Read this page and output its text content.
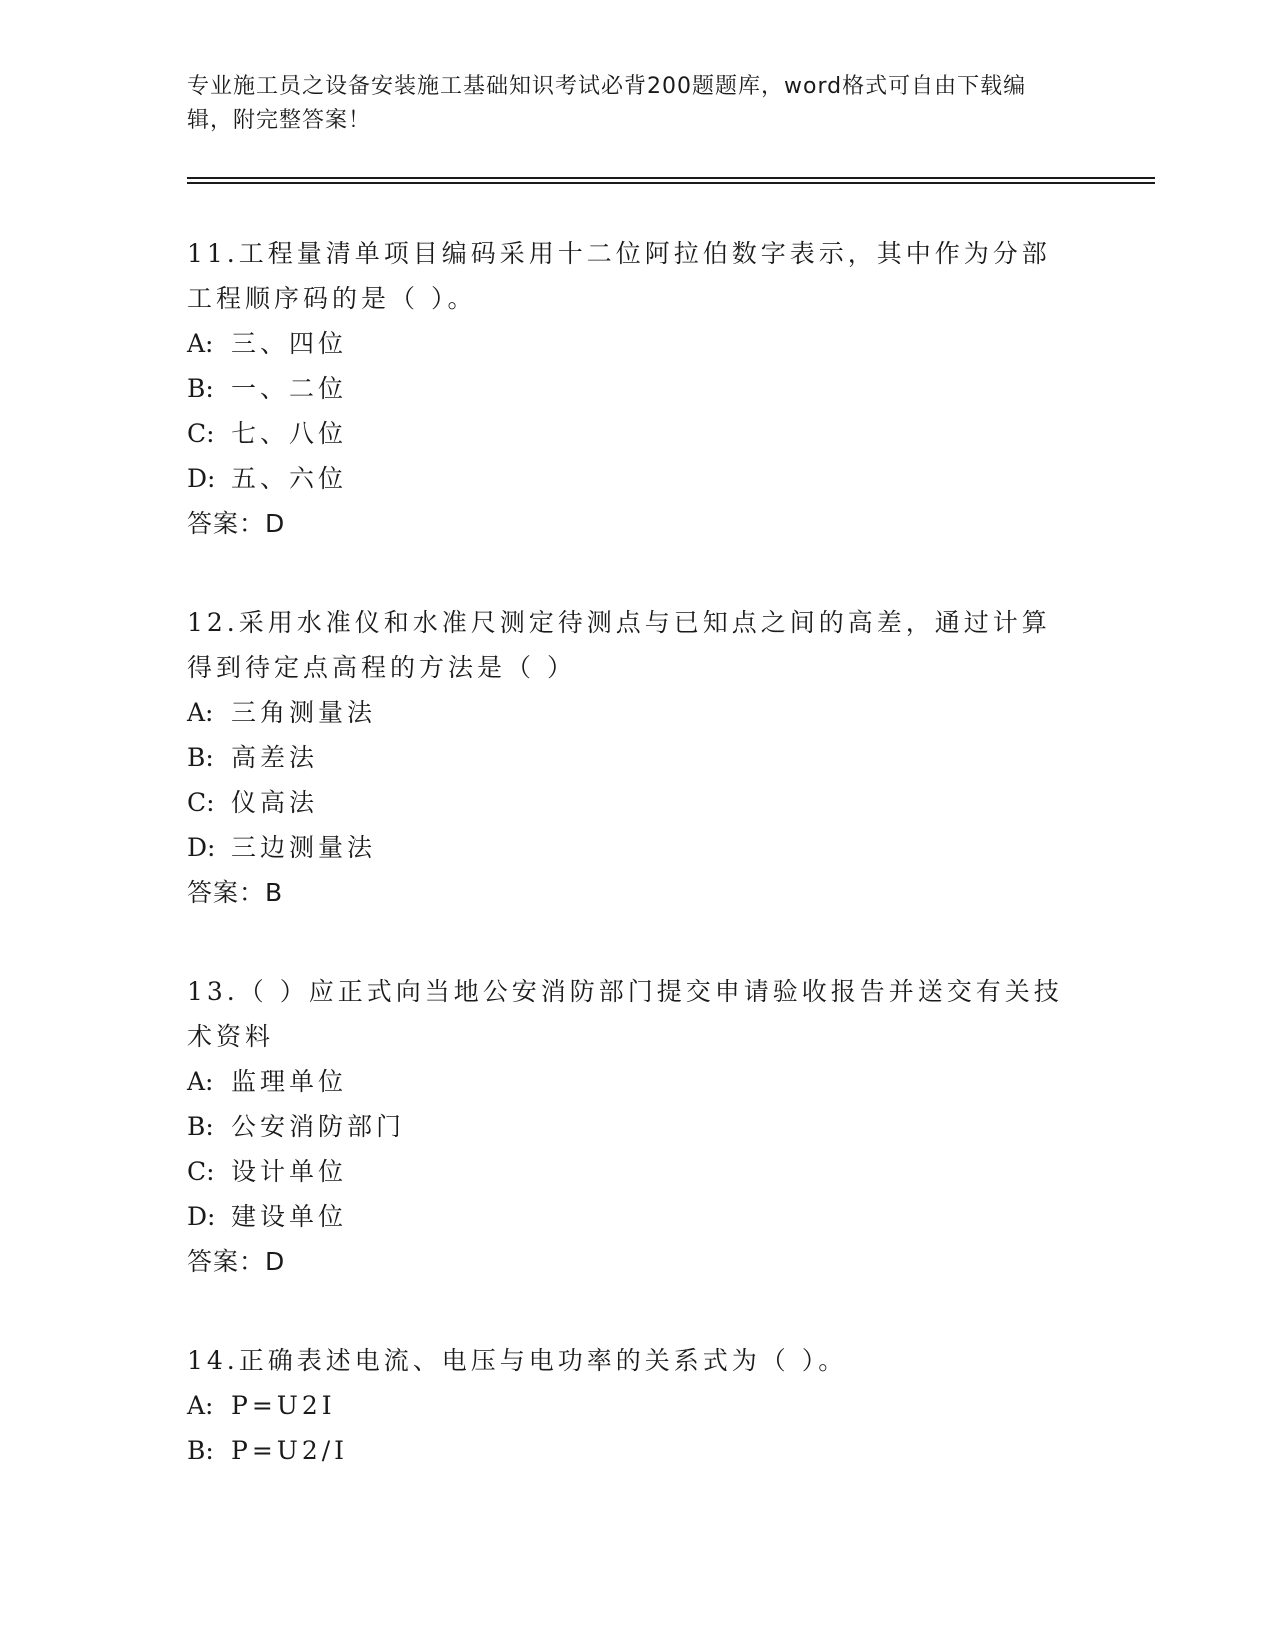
专业施工员之设备安装施工基础知识考试必背200题题库，word格式可自由下载编辑，附完整答案！
11.工程量清单项目编码采用十二位阿拉伯数字表示，其中作为分部工程顺序码的是（ ）。
A: 三、四位
B: 一、二位
C: 七、八位
D: 五、六位
答案：D
12.采用水准仪和水准尺测定待测点与已知点之间的高差，通过计算得到待定点高程的方法是（ ）
A: 三角测量法
B: 高差法
C: 仪高法
D: 三边测量法
答案：B
13.（ ）应正式向当地公安消防部门提交申请验收报告并送交有关技术资料
A: 监理单位
B: 公安消防部门
C: 设计单位
D: 建设单位
答案：D
14.正确表述电流、电压与电功率的关系式为（ ）。
A: P=U2I
B: P=U2/I
